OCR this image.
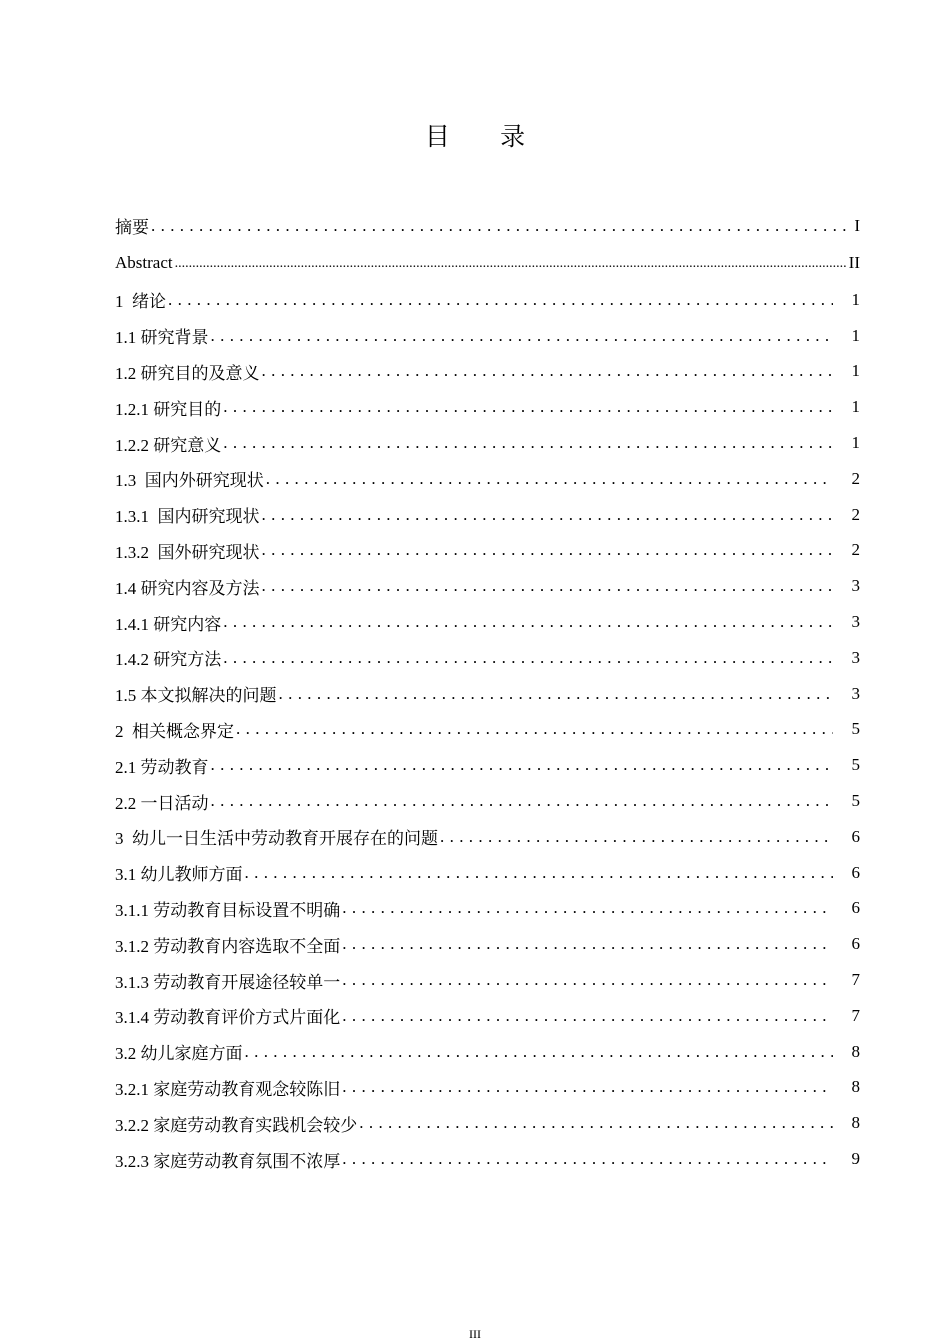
目 录
摘要 . . .	I
Abstract .....	II
1  绪论 . . .	1
1.1 研究背景 . . .	1
1.2 研究目的及意义 . . .	1
1.2.1 研究目的 . . .	1
1.2.2 研究意义 . . .	1
1.3  国内外研究现状 . . .	2
1.3.1  国内研究现状 . . .	2
1.3.2  国外研究现状 . . .	2
1.4 研究内容及方法 . . .	3
1.4.1 研究内容 . . .	3
1.4.2 研究方法 . . .	3
1.5 本文拟解决的问题 . . .	3
2  相关概念界定 . . .	5
2.1 劳动教育 . . .	5
2.2 一日活动 . . .	5
3  幼儿一日生活中劳动教育开展存在的问题 . . .	6
3.1 幼儿教师方面 . . .	6
3.1.1 劳动教育目标设置不明确 . . .	6
3.1.2 劳动教育内容选取不全面 . . .	6
3.1.3 劳动教育开展途径较单一 . . .	7
3.1.4 劳动教育评价方式片面化 . . .	7
3.2 幼儿家庭方面 . . .	8
3.2.1 家庭劳动教育观念较陈旧 . . .	8
3.2.2 家庭劳动教育实践机会较少 . . .	8
3.2.3 家庭劳动教育氛围不浓厚 . . .	9
III
